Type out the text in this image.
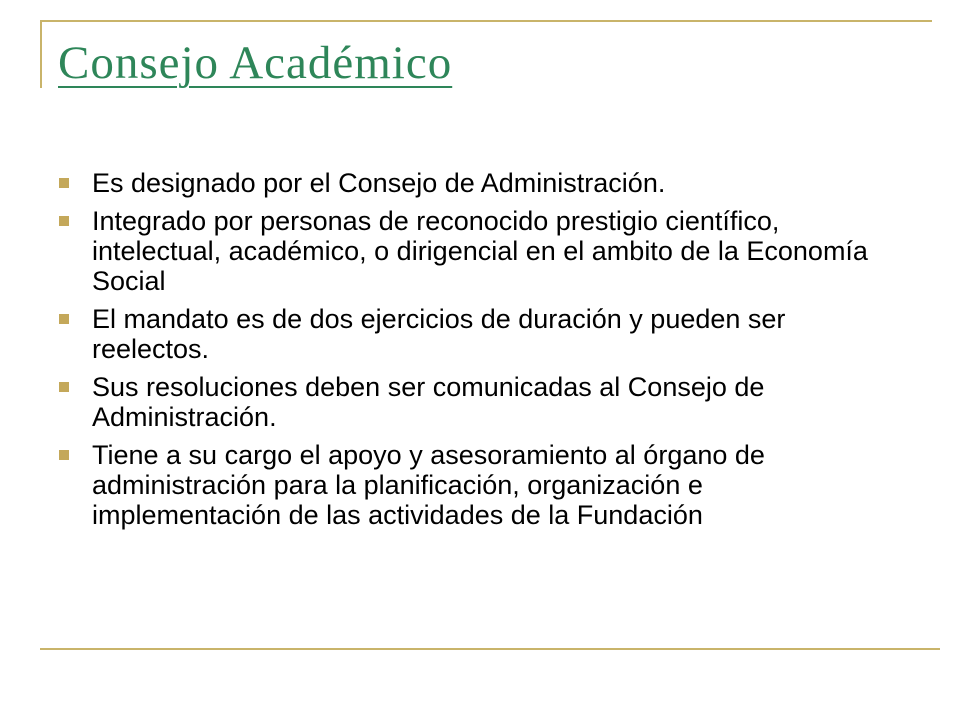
Consejo Académico
Es designado por el Consejo de Administración.
Integrado por personas de reconocido prestigio científico, intelectual, académico, o dirigencial en el ambito de la Economía Social
El mandato es de dos ejercicios de duración y pueden ser reelectos.
Sus resoluciones deben ser comunicadas al Consejo de Administración.
Tiene a su cargo el apoyo y asesoramiento al órgano de administración para la planificación, organización e implementación de las actividades de la Fundación
